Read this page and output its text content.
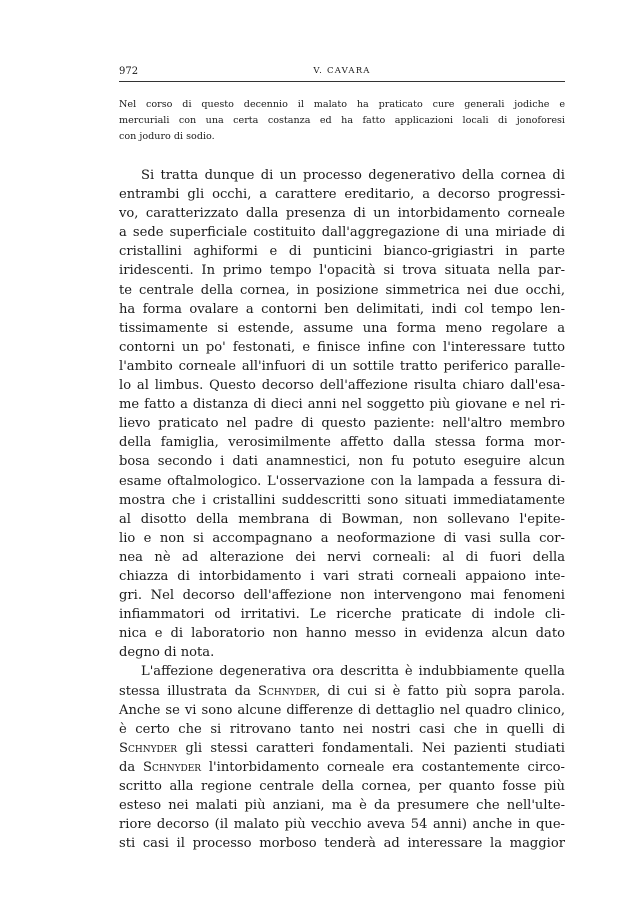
972	V. CAVARA
Nel corso di questo decennio il malato ha praticato cure generali jodiche e
mercuriali con una certa costanza ed ha fatto applicazioni locali di jonoforesi
con joduro di sodio.
Si tratta dunque di un processo degenerativo della cornea di
entrambi gli occhi, a carattere ereditario, a decorso progressi-
vo, caratterizzato dalla presenza di un intorbidamento corneale
a sede superficiale costituito dall'aggregazione di una miriade di
cristallini aghiformi e di punticini bianco-grigiastri in parte
iridescenti. In primo tempo l'opacità si trova situata nella par-
te centrale della cornea, in posizione simmetrica nei due occhi,
ha forma ovalare a contorni ben delimitati, indi col tempo len-
tissimamente si estende, assume una forma meno regolare a
contorni un po' festonati, e finisce infine con l'interessare tutto
l'ambito corneale all'infuori di un sottile tratto periferico paralle-
lo al limbus. Questo decorso dell'affezione risulta chiaro dall'esa-
me fatto a distanza di dieci anni nel soggetto più giovane e nel ri-
lievo praticato nel padre di questo paziente: nell'altro membro
della famiglia, verosimilmente affetto dalla stessa forma mor-
bosa secondo i dati anamnestici, non fu potuto eseguire alcun
esame oftalmologico. L'osservazione con la lampada a fessura di-
mostra che i cristallini suddescritti sono situati immediatamente
al disotto della membrana di Bowman, non sollevano l'epite-
lio e non si accompagnano a neoformazione di vasi sulla cor-
nea nè ad alterazione dei nervi corneali: al di fuori della
chiazza di intorbidamento i vari strati corneali appaiono inte-
gri. Nel decorso dell'affezione non intervengono mai fenomeni
infiammatori od irritativi. Le ricerche praticate di indole cli-
nica e di laboratorio non hanno messo in evidenza alcun dato
degno di nota.
L'affezione degenerativa ora descritta è indubbiamente quella
stessa illustrata da Schnyder, di cui si è fatto più sopra parola.
Anche se vi sono alcune differenze di dettaglio nel quadro clinico,
è certo che si ritrovano tanto nei nostri casi che in quelli di
Schnyder gli stessi caratteri fondamentali. Nei pazienti studiati
da Schnyder l'intorbidamento corneale era costantemente circo-
scritto alla regione centrale della cornea, per quanto fosse più
esteso nei malati più anziani, ma è da presumere che nell'ulte-
riore decorso (il malato più vecchio aveva 54 anni) anche in que-
sti casi il processo morboso tenderà ad interessare la maggior
